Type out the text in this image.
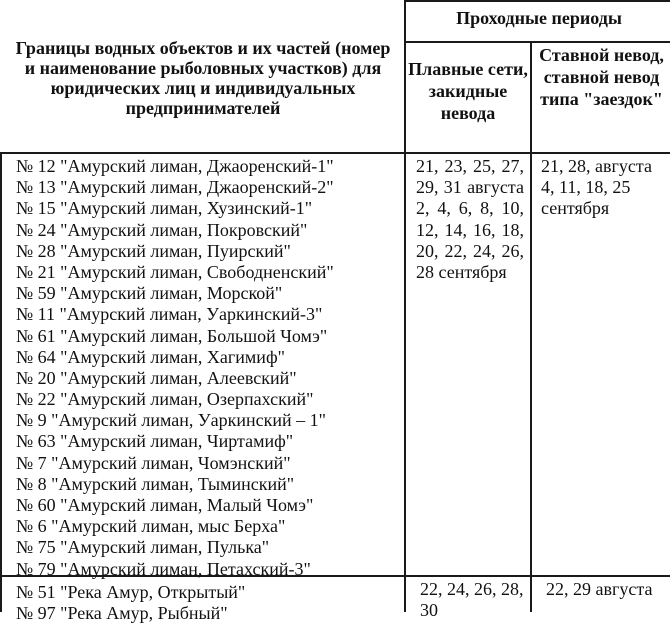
Границы водных объектов и их частей (номер и наименование рыболовных участков) для юридических лиц и индивидуальных предпринимателей
Проходные периоды
Плавные сети, закидные невода
Ставной невод, ставной невод типа "заездок"
№ 12 "Амурский лиман, Джаоренский-1"
№ 13 "Амурский лиман, Джаоренский-2"
№ 15 "Амурский лиман, Хузинский-1"
№ 24 "Амурский лиман, Покровский"
№ 28 "Амурский лиман, Пуирский"
№ 21 "Амурский лиман, Свободненский"
№ 59 "Амурский лиман, Морской"
№ 11 "Амурский лиман, Уаркинский-3"
№ 61 "Амурский лиман, Большой Чомэ"
№ 64 "Амурский лиман, Хагимиф"
№ 20 "Амурский лиман, Алеевский"
№ 22 "Амурский лиман, Озерпахский"
№ 9 "Амурский лиман, Уаркинский – 1"
№ 63 "Амурский лиман, Чиртамиф"
№ 7 "Амурский лиман, Чомэнский"
№ 8 "Амурский лиман, Тыминский"
№ 60 "Амурский лиман, Малый Чомэ"
№ 6 "Амурский лиман, мыс Берха"
№ 75 "Амурский лиман, Пулька"
№ 79 "Амурский лиман, Петахский-3"
21, 23, 25, 27, 29, 31 августа 2, 4, 6, 8, 10, 12, 14, 16, 18, 20, 22, 24, 26, 28 сентября
21, 28, августа 4, 11, 18, 25 сентября
№ 51 "Река Амур, Открытый"
№ 97 "Река Амур, Рыбный"
22, 24, 26, 28, 30
22, 29 августа
